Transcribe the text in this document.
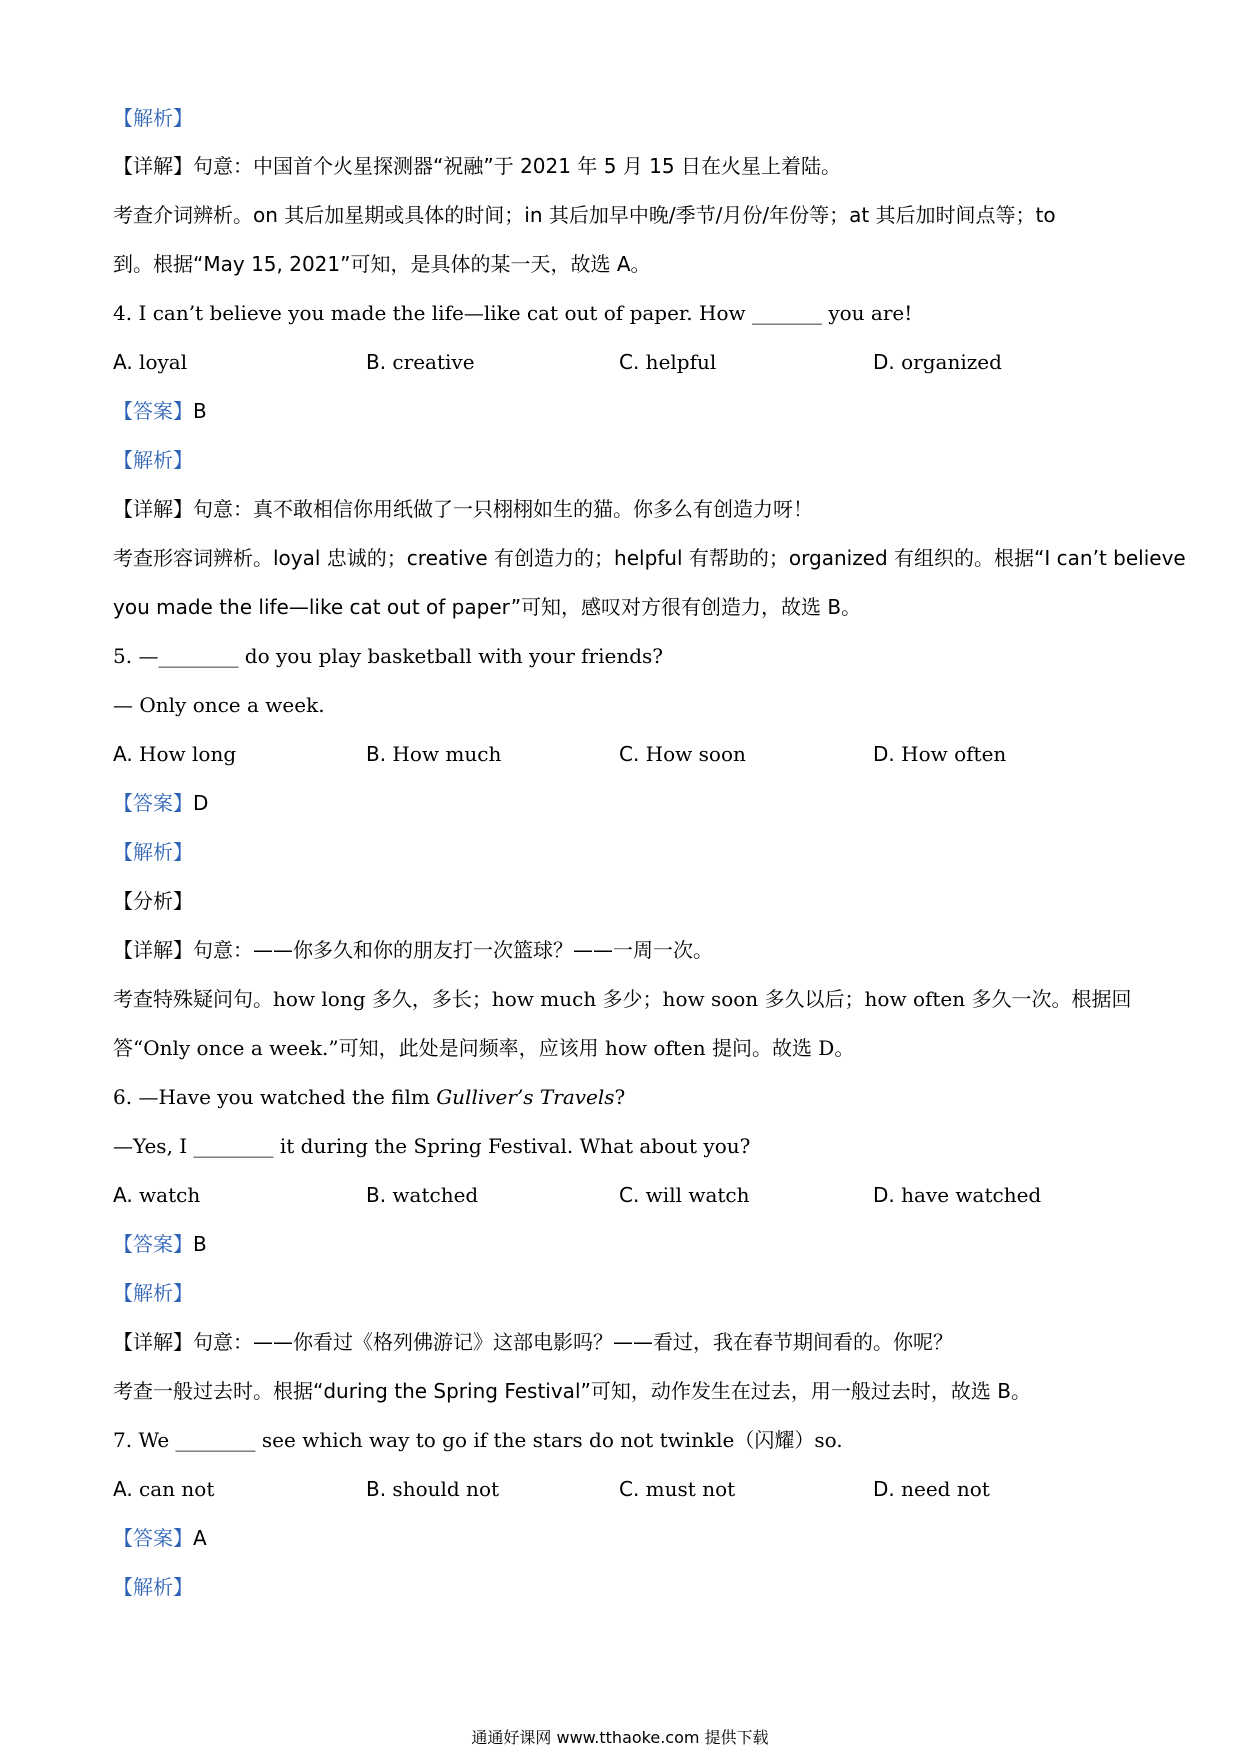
【解析】
【详解】句意：中国首个火星探测器“祝融”于 2021 年 5 月 15 日在火星上着陆。
考查介词辨析。on 其后加星期或具体的时间；in 其后加早中晚/季节/月份/年份等；at 其后加时间点等；to
到。根据“May 15, 2021”可知，是具体的某一天，故选 A。
4. I can’t believe you made the life—like cat out of paper. How _______ you are!
A. loyal	B. creative	C. helpful	D. organized
【答案】B
【解析】
【详解】句意：真不敢相信你用纸做了一只栩栩如生的猫。你多么有创造力呀！
考查形容词辨析。loyal 忠诚的；creative 有创造力的；helpful 有帮助的；organized 有组织的。根据“I can’t believe
you made the life—like cat out of paper”可知，感叹对方很有创造力，故选 B。
5. —________ do you play basketball with your friends?
— Only once a week.
A. How long	B. How much	C. How soon	D. How often
【答案】D
【解析】
【分析】
【详解】句意：——你多久和你的朋友打一次篮球？——一周一次。
考查特殊疑问句。how long 多久，多长；how much 多少；how soon 多久以后；how often 多久一次。根据回
答“Only once a week.”可知，此处是问频率，应该用 how often 提问。故选 D。
6. —Have you watched the film Gulliver’s Travels?
—Yes, I ________ it during the Spring Festival. What about you?
A. watch	B. watched	C. will watch	D. have watched
【答案】B
【解析】
【详解】句意：——你看过《格列佛游记》这部电影吗？——看过，我在春节期间看的。你呢？
考查一般过去时。根据“during the Spring Festival”可知，动作发生在过去，用一般过去时，故选 B。
7. We ________ see which way to go if the stars do not twinkle（闪耀）so.
A. can not	B. should not	C. must not	D. need not
【答案】A
【解析】
通通好课网 www.tthaoke.com 提供下载
